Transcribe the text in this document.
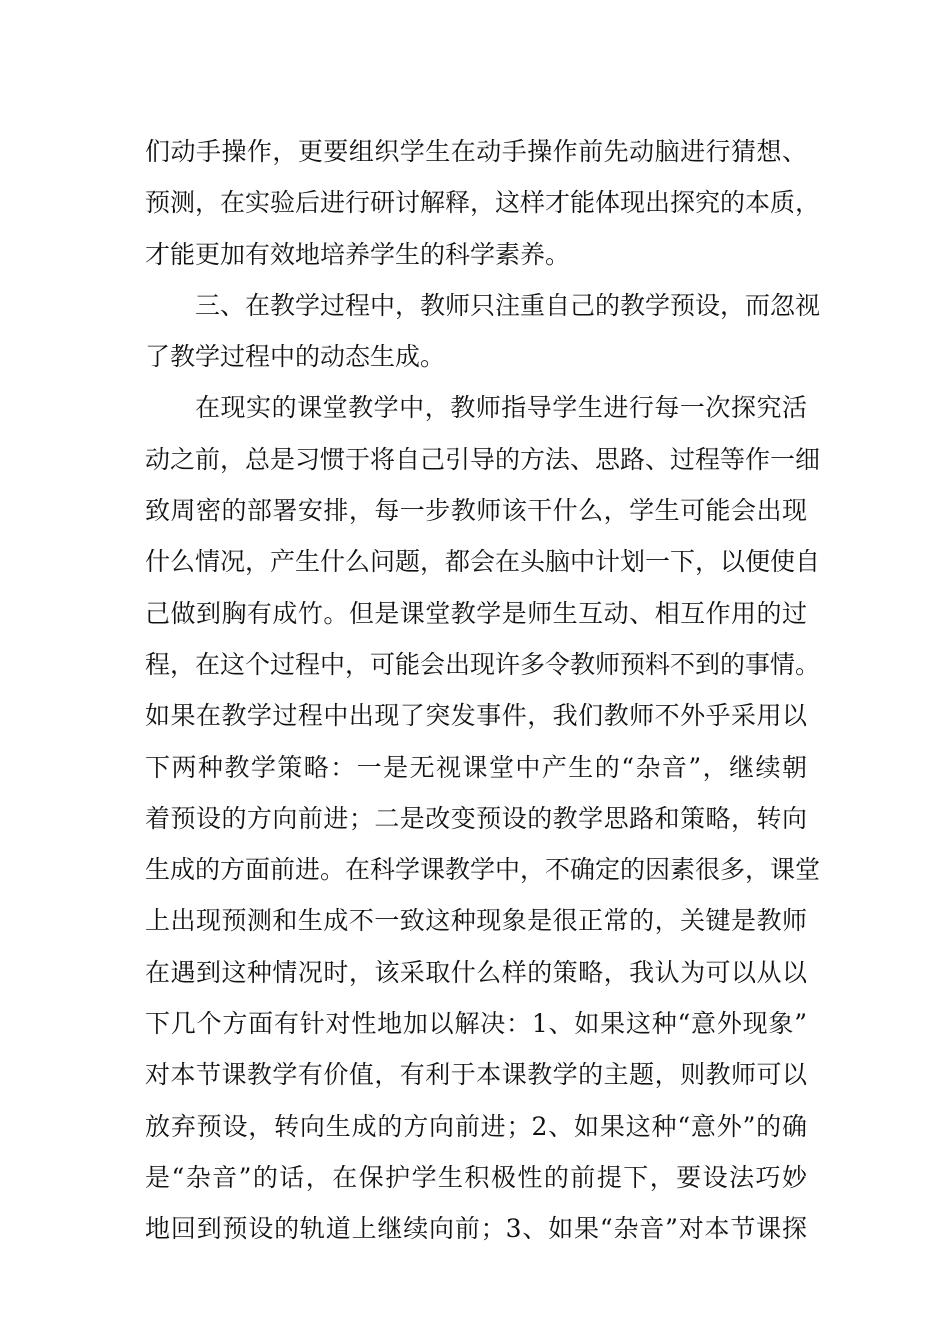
们动手操作，更要组织学生在动手操作前先动脑进行猜想、
预测，在实验后进行研讨解释，这样才能体现出探究的本质，
才能更加有效地培养学生的科学素养。
三、在教学过程中，教师只注重自己的教学预设，而忽视
了教学过程中的动态生成。
在现实的课堂教学中，教师指导学生进行每一次探究活
动之前，总是习惯于将自己引导的方法、思路、过程等作一细
致周密的部署安排，每一步教师该干什么，学生可能会出现
什么情况，产生什么问题，都会在头脑中计划一下，以便使自
己做到胸有成竹。但是课堂教学是师生互动、相互作用的过
程，在这个过程中，可能会出现许多令教师预料不到的事情。
如果在教学过程中出现了突发事件，我们教师不外乎采用以
下两种教学策略：一是无视课堂中产生的“杂音”，继续朝
着预设的方向前进；二是改变预设的教学思路和策略，转向
生成的方面前进。在科学课教学中，不确定的因素很多，课堂
上出现预测和生成不一致这种现象是很正常的，关键是教师
在遇到这种情况时，该采取什么样的策略，我认为可以从以
下几个方面有针对性地加以解决：1、如果这种“意外现象”
对本节课教学有价值，有利于本课教学的主题，则教师可以
放弃预设，转向生成的方向前进；2、如果这种“意外”的确
是“杂音”的话，在保护学生积极性的前提下，要设法巧妙
地回到预设的轨道上继续向前；3、如果“杂音”对本节课探
